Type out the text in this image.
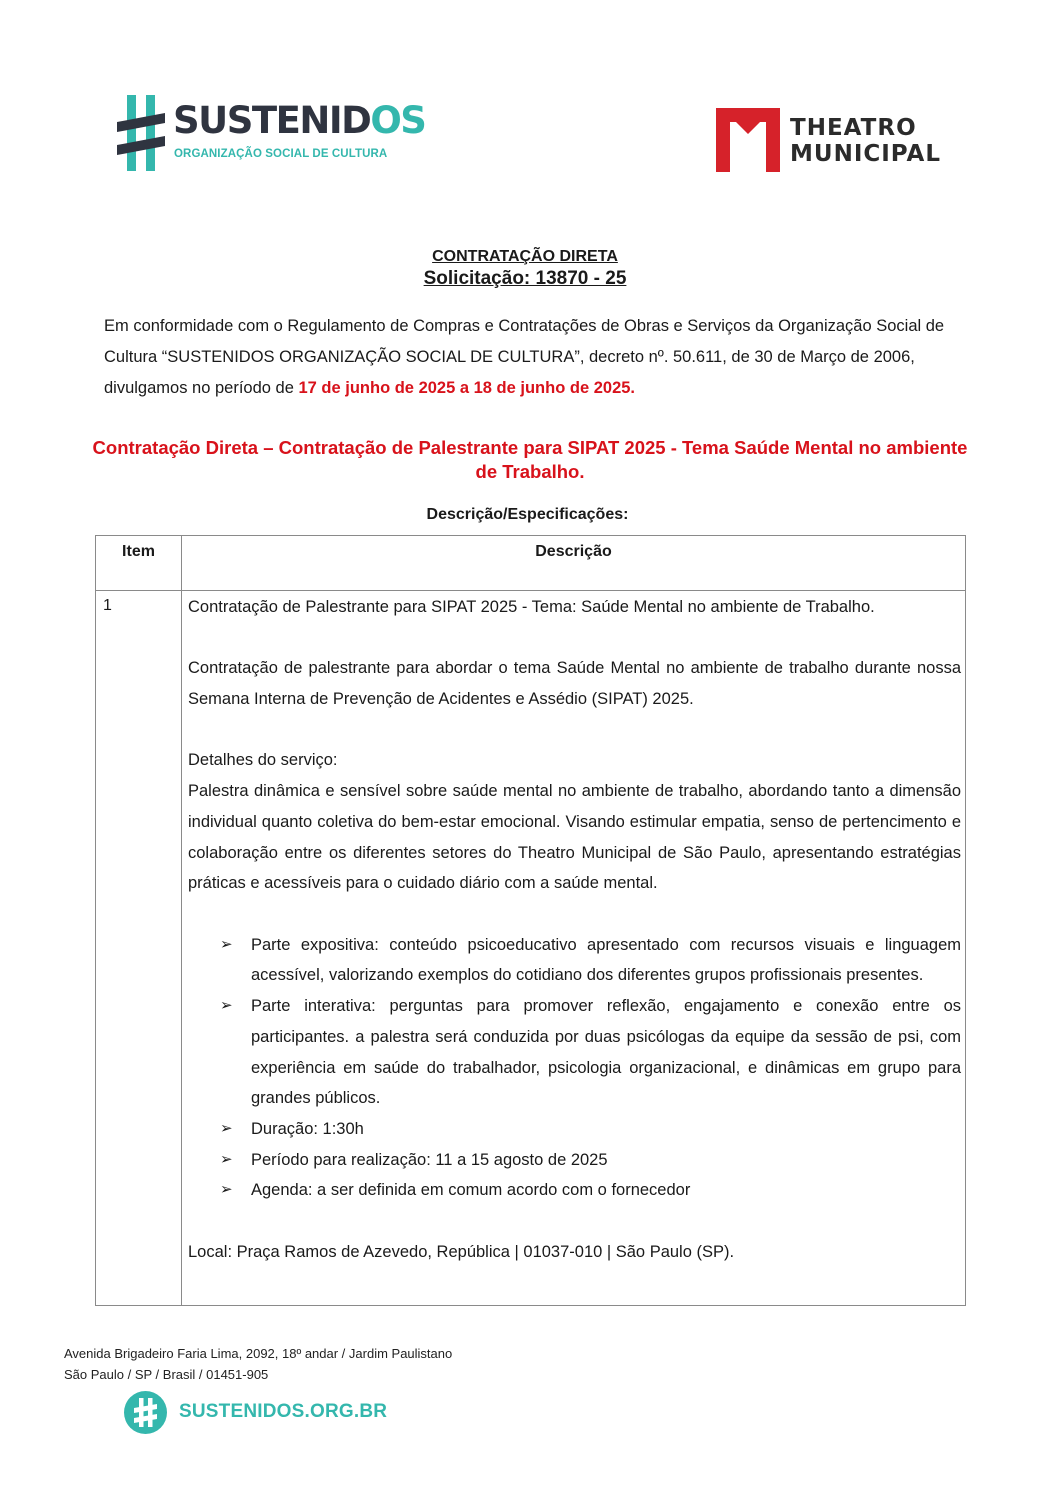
SUSTENIDOS
ORGANIZAÇÃO SOCIAL DE CULTURA
THEATRO
MUNICIPAL
CONTRATAÇÃO DIRETA
Solicitação: 13870 - 25

Em conformidade com o Regulamento de Compras e Contratações de Obras e Serviços da Organização Social de Cultura “SUSTENIDOS ORGANIZAÇÃO SOCIAL DE CULTURA”, decreto nº. 50.611, de 30 de Março de 2006, divulgamos no período de 17 de junho de 2025 a 18 de junho de 2025.

Contratação Direta – Contratação de Palestrante para SIPAT 2025 - Tema Saúde Mental no ambiente de Trabalho.

Descrição/Especificações:
Item	Descrição
1	Contratação de Palestrante para SIPAT 2025 - Tema: Saúde Mental no ambiente de Trabalho.

Contratação de palestrante para abordar o tema Saúde Mental no ambiente de trabalho durante nossa Semana Interna de Prevenção de Acidentes e Assédio (SIPAT) 2025.

Detalhes do serviço:

Palestra dinâmica e sensível sobre saúde mental no ambiente de trabalho, abordando tanto a dimensão individual quanto coletiva do bem-estar emocional. Visando estimular empatia, senso de pertencimento e colaboração entre os diferentes setores do Theatro Municipal de São Paulo, apresentando estratégias práticas e acessíveis para o cuidado diário com a saúde mental.

➢ Parte expositiva: conteúdo psicoeducativo apresentado com recursos visuais e linguagem acessível, valorizando exemplos do cotidiano dos diferentes grupos profissionais presentes.
➢ Parte interativa: perguntas para promover reflexão, engajamento e conexão entre os participantes. a palestra será conduzida por duas psicólogas da equipe da sessão de psi, com experiência em saúde do trabalhador, psicologia organizacional, e dinâmicas em grupo para grandes públicos.
➢ Duração: 1:30h
➢ Período para realização: 11 a 15 agosto de 2025
➢ Agenda: a ser definida em comum acordo com o fornecedor

Local: Praça Ramos de Azevedo, República | 01037-010 | São Paulo (SP).

Avenida Brigadeiro Faria Lima, 2092, 18º andar / Jardim Paulistano
São Paulo / SP / Brasil / 01451-905
SUSTENIDOS.ORG.BR
